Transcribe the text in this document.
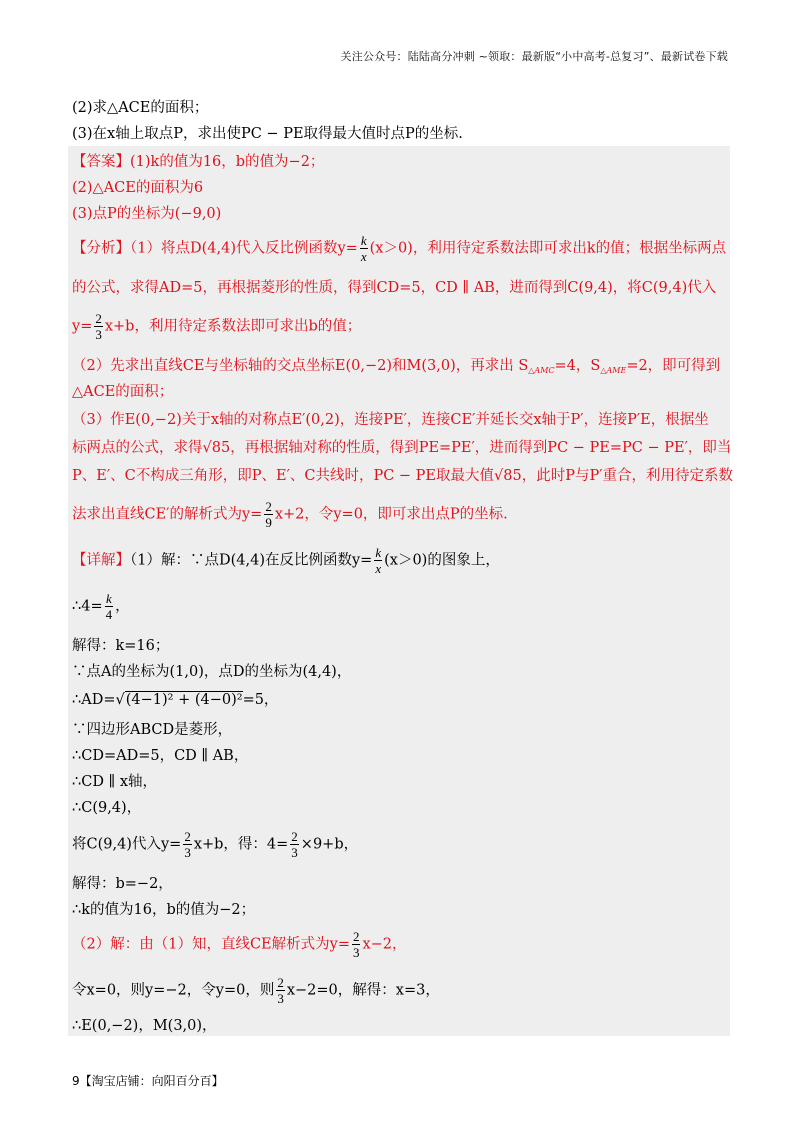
关注公众号：陆陆高分冲刺 ~领取：最新版“小中高考-总复习”、最新试卷下载
(2)求△ACE的面积；
(3)在x轴上取点P，求出使PC − PE取得最大值时点P的坐标.
【答案】(1)k的值为16，b的值为−2；
(2)△ACE的面积为6
(3)点P的坐标为(−9,0)
【分析】（1）将点D(4,4)代入反比例函数$y= \frac{k}{x} (x>0)$，利用待定系数法即可求出k的值；根据坐标两点
的公式，求得AD=5，再根据菱形的性质，得到CD=5，CD ∥ AB，进而得到C(9,4)，将C(9,4)代入
$y= \frac{2}{3} x+b$，利用待定系数法即可求出b的值；
（2）先求出直线CE与坐标轴的交点坐标E(0,−2)和M(3,0)，再求出 $S_{\triangle AMC}=4$，$S_{\triangle AME}=2$，即可得到
△ACE的面积；
（3）作E(0,−2)关于x轴的对称点E′(0,2)，连接PE′，连接CE′并延长交x轴于P′，连接P′E，根据坐
标两点的公式，求得√85，再根据轴对称的性质，得到PE=PE′，进而得到PC − PE=PC − PE′，即当
P、E′、C不构成三角形，即P、E′、C共线时，PC − PE取最大值√85，此时P与P′重合，利用待定系数
法求出直线CE′的解析式为$y= \frac{2}{9} x+2$，令y=0，即可求出点P的坐标.
【详解】（1）解：∵点D(4,4)在反比例函数$y= \frac{k}{x} (x>0)$的图象上，
∴4= $\frac{k}{4}$ ，
解得：k=16；
∵点A的坐标为(1,0)，点D的坐标为(4,4)，
∴AD=√(4−1)² + (4−0)²=5，
∵四边形ABCD是菱形，
∴CD=AD=5，CD ∥ AB，
∴CD ∥ x轴，
∴C(9,4)，
将C(9,4)代入$y= \frac{2}{3} x+b$，得：$4= \frac{2}{3} \times 9+b$，
解得：b=−2，
∴k的值为16，b的值为−2；
（2）解：由（1）知，直线CE解析式为$y= \frac{2}{3} x-2$，
令x=0，则y=−2，令y=0，则 $\frac{2}{3} x-2=0$，解得：x=3，
∴E(0,−2)，M(3,0)，
9【淘宝店铺：向阳百分百】
